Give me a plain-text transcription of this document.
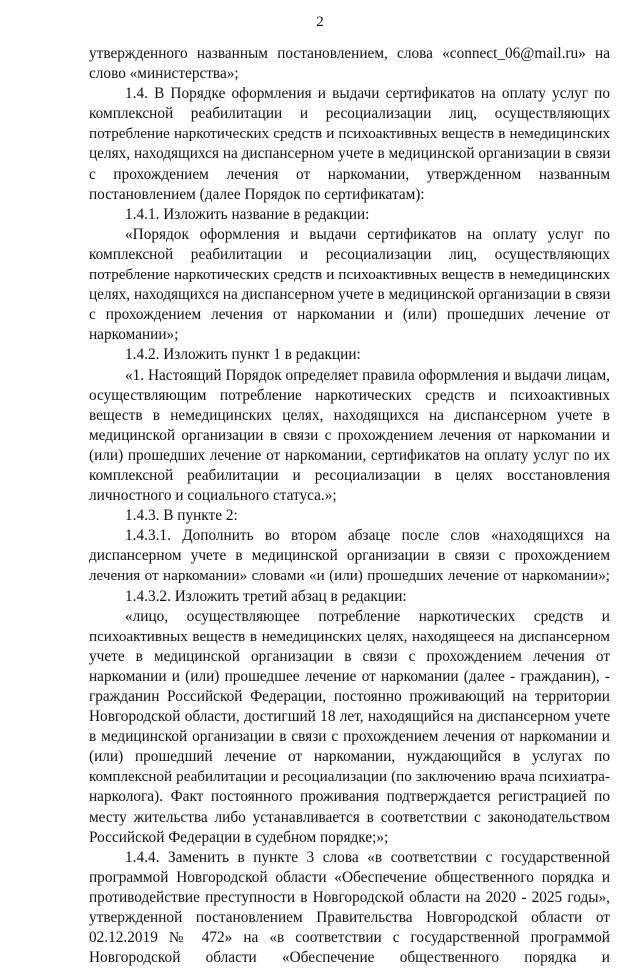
2
утвержденного названным постановлением, слова «connect_06@mail.ru» на
слово «министерства»;
1.4. В Порядке оформления и выдачи сертификатов на оплату услуг по
комплексной реабилитации и ресоциализации лиц, осуществляющих
потребление наркотических средств и психоактивных веществ в немедицинских
целях, находящихся на диспансерном учете в медицинской организации в связи
с прохождением лечения от наркомании, утвержденном названным
постановлением (далее Порядок по сертификатам):
1.4.1. Изложить название в редакции:
«Порядок оформления и выдачи сертификатов на оплату услуг по
комплексной реабилитации и ресоциализации лиц, осуществляющих
потребление наркотических средств и психоактивных веществ в немедицинских
целях, находящихся на диспансерном учете в медицинской организации в связи
с прохождением лечения от наркомании и (или) прошедших лечение от
наркомании»;
1.4.2. Изложить пункт 1 в редакции:
«1. Настоящий Порядок определяет правила оформления и выдачи лицам,
осуществляющим потребление наркотических средств и психоактивных
веществ в немедицинских целях, находящихся на диспансерном учете в
медицинской организации в связи с прохождением лечения от наркомании и
(или) прошедших лечение от наркомании, сертификатов на оплату услуг по их
комплексной реабилитации и ресоциализации в целях восстановления
личностного и социального статуса.»;
1.4.3. В пункте 2:
1.4.3.1. Дополнить во втором абзаце после слов «находящихся на
диспансерном учете в медицинской организации в связи с прохождением
лечения от наркомании» словами «и (или) прошедших лечение от наркомании»;
1.4.3.2. Изложить третий абзац в редакции:
«лицо, осуществляющее потребление наркотических средств и
психоактивных веществ в немедицинских целях, находящееся на диспансерном
учете в медицинской организации в связи с прохождением лечения от
наркомании и (или) прошедшее лечение от наркомании (далее - гражданин), -
гражданин Российской Федерации, постоянно проживающий на территории
Новгородской области, достигший 18 лет, находящийся на диспансерном учете
в медицинской организации в связи с прохождением лечения от наркомании и
(или) прошедший лечение от наркомании, нуждающийся в услугах по
комплексной реабилитации и ресоциализации (по заключению врача психиатра-
нарколога). Факт постоянного проживания подтверждается регистрацией по
месту жительства либо устанавливается в соответствии с законодательством
Российской Федерации в судебном порядке;»;
1.4.4. Заменить в пункте 3 слова «в соответствии с государственной
программой Новгородской области «Обеспечение общественного порядка и
противодействие преступности в Новгородской области на 2020 - 2025 годы»,
утвержденной постановлением Правительства Новгородской области от
02.12.2019 № 472» на «в соответствии с государственной программой
Новгородской области «Обеспечение общественного порядка и
